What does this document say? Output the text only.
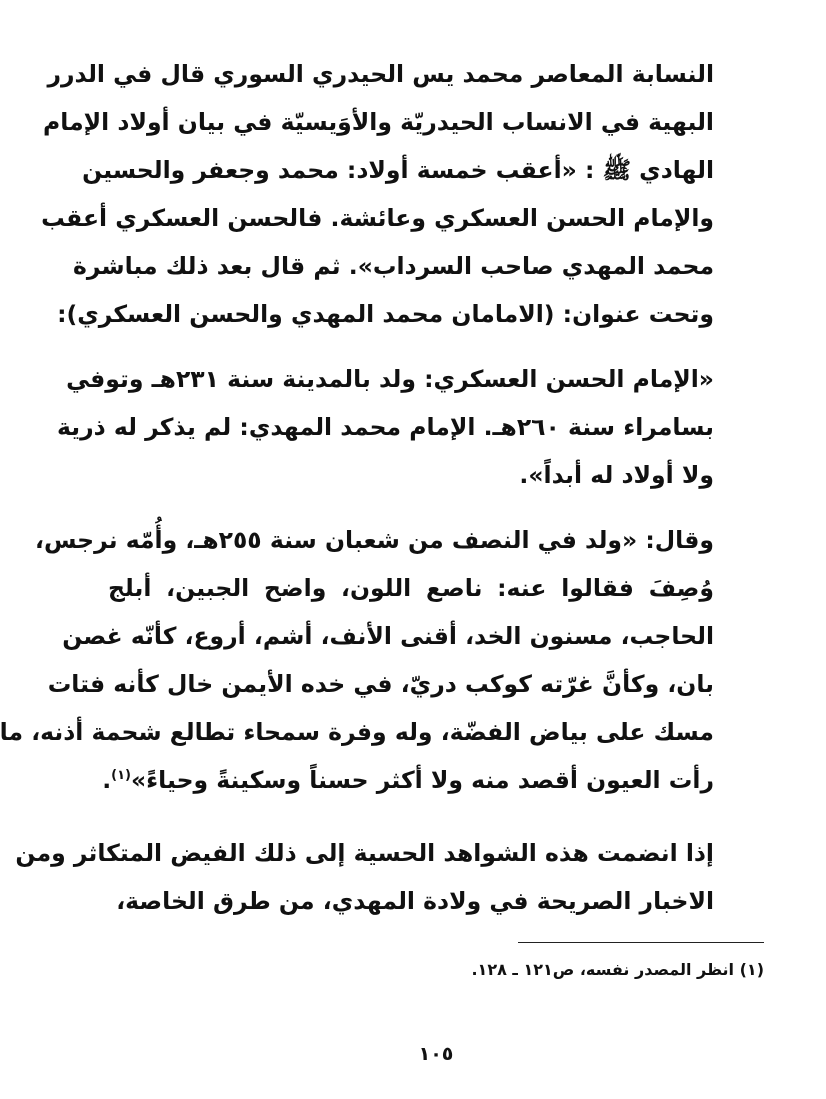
النسابة المعاصر محمد يس الحيدري السوري قال في الدرر
البهية في الانساب الحيدريّة والأوَيسيّة في بيان أولاد الإمام
الهادي ﷺ : «أعقب خمسة أولاد: محمد وجعفر والحسين
والإمام الحسن العسكري وعائشة. فالحسن العسكري أعقب
محمد المهدي صاحب السرداب». ثم قال بعد ذلك مباشرة
وتحت عنوان: (الامامان محمد المهدي والحسن العسكري):
«الإمام الحسن العسكري: ولد بالمدينة سنة ٢٣١هـ وتوفي
بسامراء سنة ٢٦٠هـ. الإمام محمد المهدي: لم يذكر له ذرية
ولا أولاد له أبداً».
وقال: «ولد في النصف من شعبان سنة ٢٥٥هـ، وأُمّه نرجس،
وُصِفَ فقالوا عنه: ناصع اللون، واضح الجبين، أبلج
الحاجب، مسنون الخد، أقنى الأنف، أشم، أروع، كأنّه غصن
بان، وكأنَّ غرّته كوكب دريّ، في خده الأيمن خال كأنه فتات
مسك على بياض الفضّة، وله وفرة سمحاء تطالع شحمة أذنه، ما
رأت العيون أقصد منه ولا أكثر حسناً وسكينةً وحياءً»$^{(١)}$.
إذا انضمت هذه الشواهد الحسية إلى ذلك الفيض المتكاثر ومن
الاخبار الصريحة في ولادة المهدي، من طرق الخاصة،
(١) انظر المصدر نفسه، ص١٢١ ـ ١٢٨.
١٠٥
